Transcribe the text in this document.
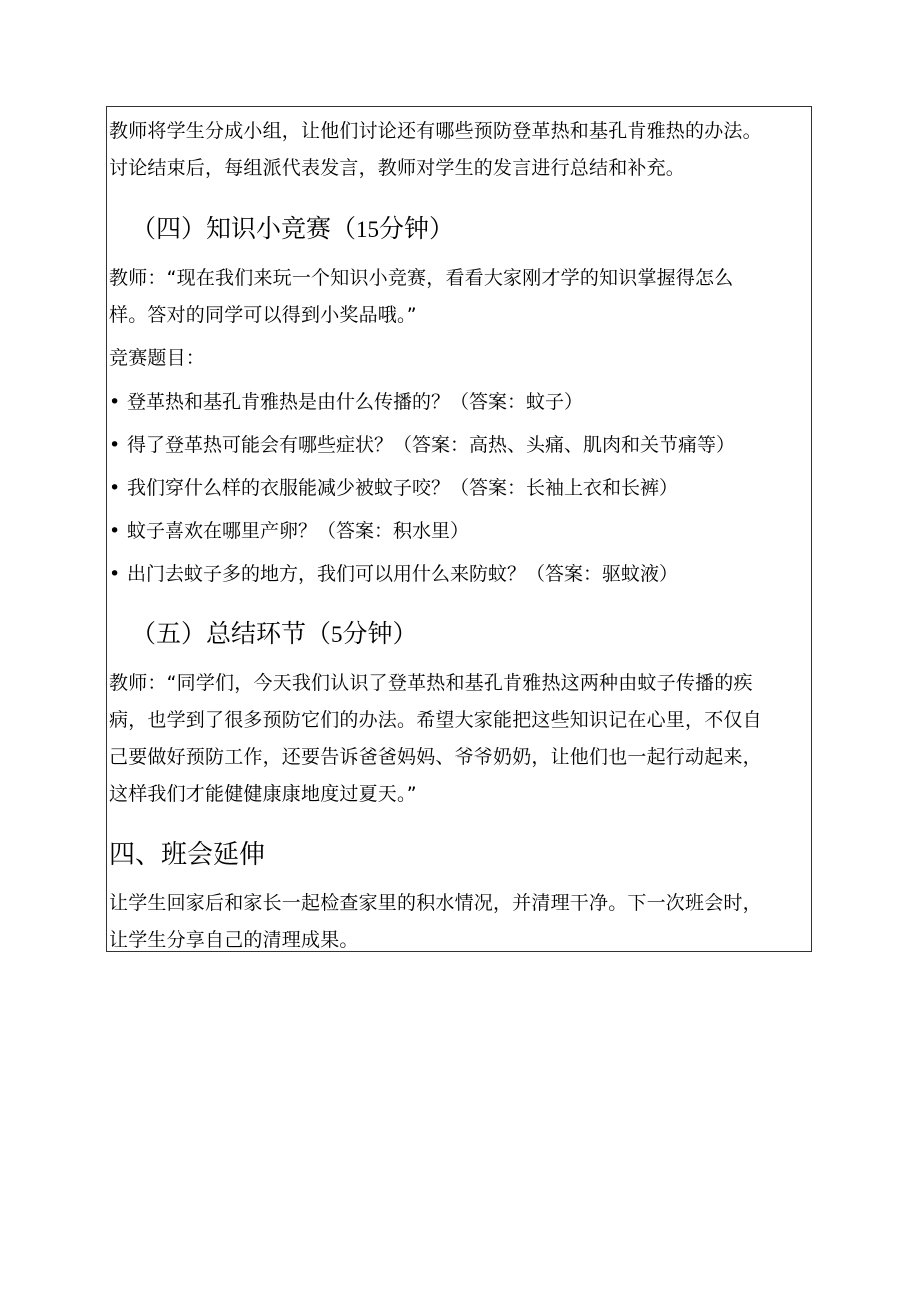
教师将学生分成小组，让他们讨论还有哪些预防登革热和基孔肯雅热的办法。

讨论结束后，每组派代表发言，教师对学生的发言进行总结和补充。

（四）知识小竞赛（15分钟）

教师：“现在我们来玩一个知识小竞赛，看看大家刚才学的知识掌握得怎么

样。答对的同学可以得到小奖品哦。”

竞赛题目：

• 登革热和基孔肯雅热是由什么传播的？（答案：蚊子）
• 得了登革热可能会有哪些症状？（答案：高热、头痛、肌肉和关节痛等）
• 我们穿什么样的衣服能减少被蚊子咬？（答案：长袖上衣和长裤）
• 蚊子喜欢在哪里产卵？（答案：积水里）
• 出门去蚊子多的地方，我们可以用什么来防蚊？（答案：驱蚊液）
（五）总结环节（5分钟）

教师：“同学们，今天我们认识了登革热和基孔肯雅热这两种由蚊子传播的疾

病，也学到了很多预防它们的办法。希望大家能把这些知识记在心里，不仅自

己要做好预防工作，还要告诉爸爸妈妈、爷爷奶奶，让他们也一起行动起来，

这样我们才能健健康康地度过夏天。”

四、班会延伸

让学生回家后和家长一起检查家里的积水情况，并清理干净。下一次班会时，

让学生分享自己的清理成果。
